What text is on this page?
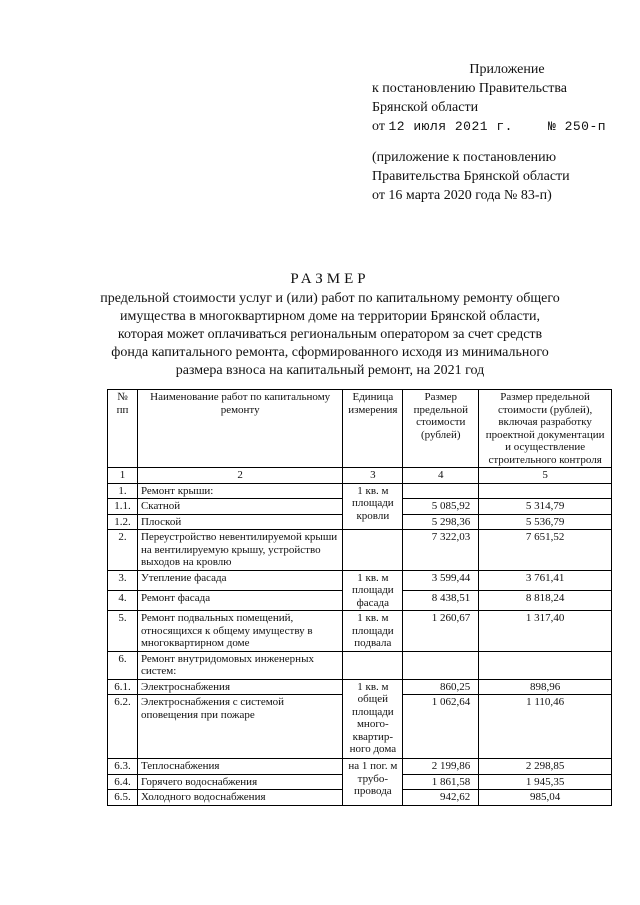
Приложение
к постановлению Правительства
Брянской области
от 12 июля 2021 г.	№ 250-п
(приложение к постановлению
Правительства Брянской области
от 16 марта 2020 года № 83-п)
РАЗМЕР
предельной стоимости услуг и (или) работ по капитальному ремонту общего
имущества в многоквартирном доме на территории Брянской области,
которая может оплачиваться региональным оператором за счет средств
фонда капитального ремонта, сформированного исходя из минимального
размера взноса на капитальный ремонт, на 2021 год
№ пп	Наименование работ по капитальному ремонту	Единица измерения	Размер предельной стоимости (рублей)	Размер предельной стоимости (рублей), включая разработку проектной документации и осуществление строительного контроля
1	2	3	4	5
1.	Ремонт крыши:	1 кв. м площади кровли		
1.1.	Скатной		5 085,92	5 314,79
1.2.	Плоской		5 298,36	5 536,79
2.	Переустройство невентилируемой крыши на вентилируемую крышу, устройство выходов на кровлю		7 322,03	7 651,52
3.	Утепление фасада	1 кв. м площади фасада	3 599,44	3 761,41
4.	Ремонт фасада		8 438,51	8 818,24
5.	Ремонт подвальных помещений, относящихся к общему имуществу в многоквартирном доме	1 кв. м площади подвала	1 260,67	1 317,40
6.	Ремонт внутридомовых инженерных систем:			
6.1.	Электроснабжения	1 кв. м общей площади много-квартир-ного дома	860,25	898,96
6.2.	Электроснабжения с системой оповещения при пожаре		1 062,64	1 110,46
6.3.	Теплоснабжения	на 1 пог. м трубо-провода	2 199,86	2 298,85
6.4.	Горячего водоснабжения		1 861,58	1 945,35
6.5.	Холодного водоснабжения		942,62	985,04
